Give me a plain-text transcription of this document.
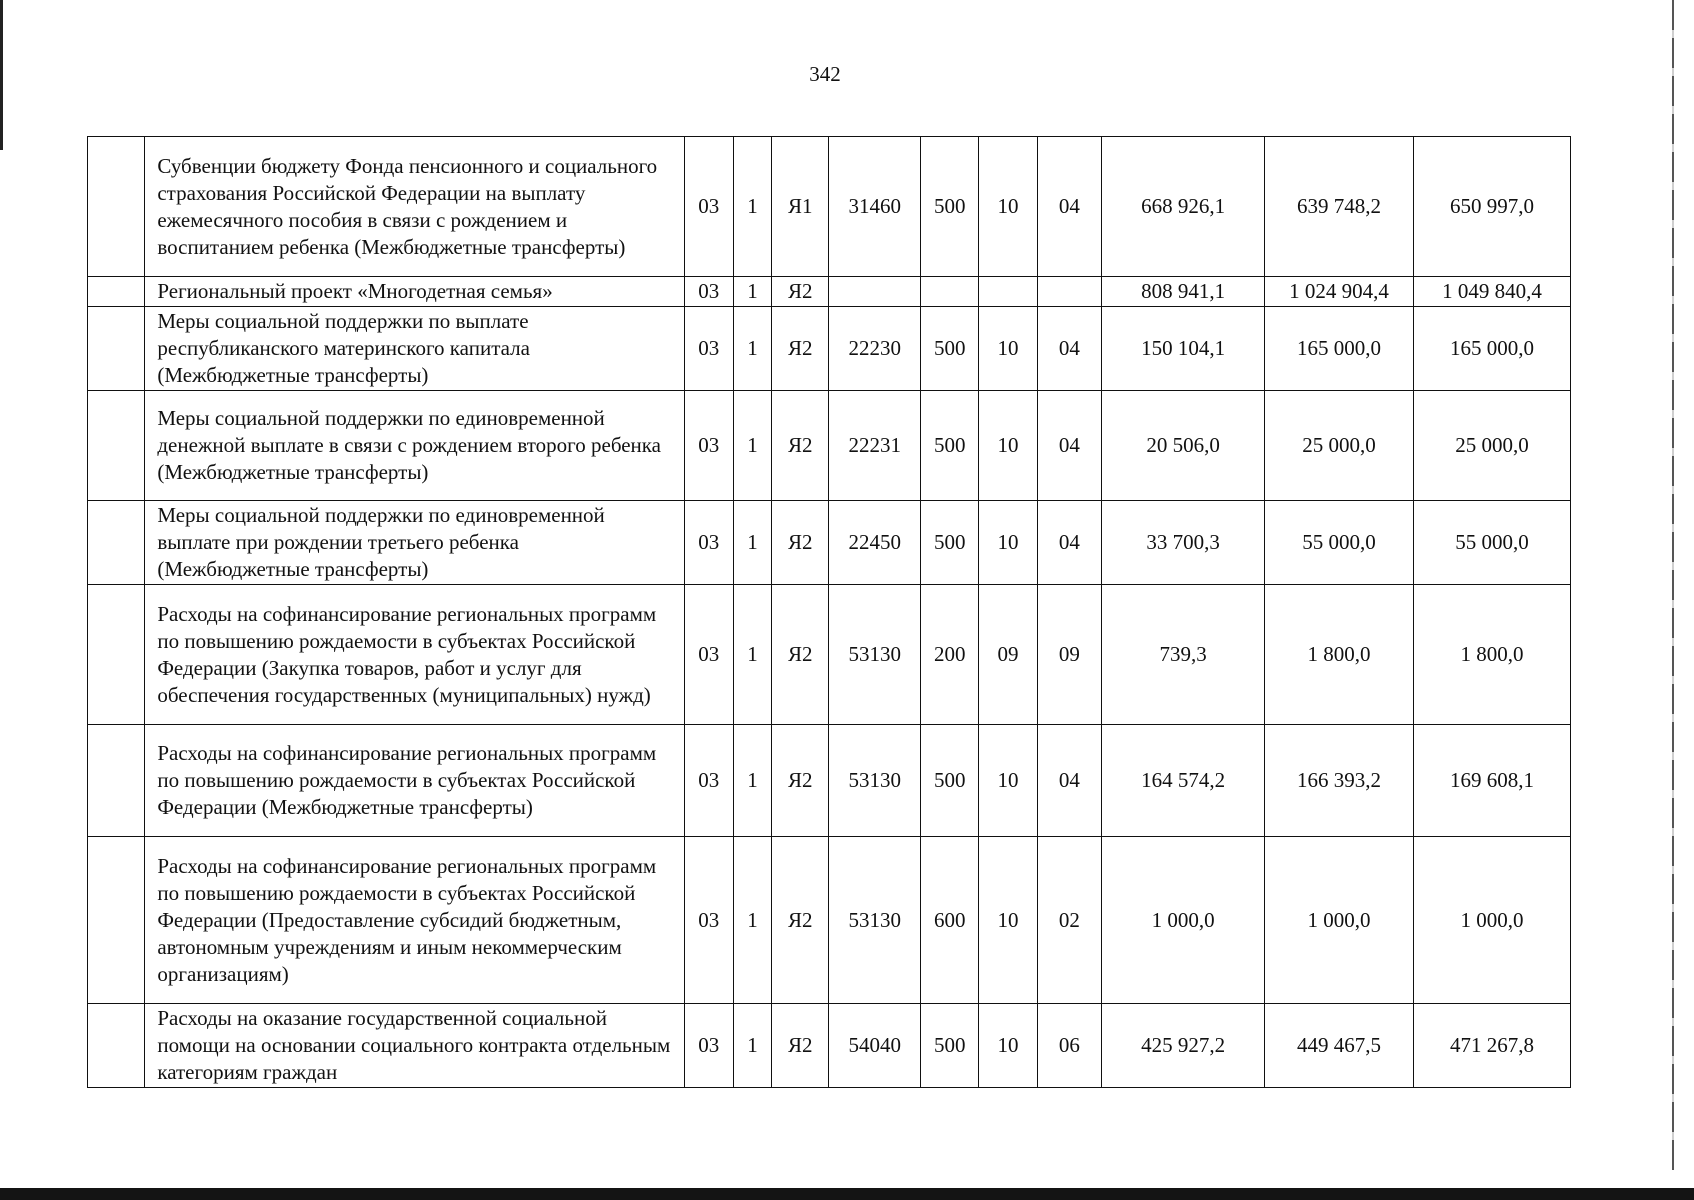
342
	Субвенции бюджету Фонда пенсионного и социального страхования Российской Федерации на выплату ежемесячного пособия в связи с рождением и воспитанием ребенка (Межбюджетные трансферты)	03	1	Я1	31460	500	10	04	668 926,1	639 748,2	650 997,0
	Региональный проект «Многодетная семья»	03	1	Я2					808 941,1	1 024 904,4	1 049 840,4
	Меры социальной поддержки по выплате республиканского материнского капитала (Межбюджетные трансферты)	03	1	Я2	22230	500	10	04	150 104,1	165 000,0	165 000,0
	Меры социальной поддержки по единовременной денежной выплате в связи с рождением второго ребенка (Межбюджетные трансферты)	03	1	Я2	22231	500	10	04	20 506,0	25 000,0	25 000,0
	Меры социальной поддержки по единовременной выплате при рождении третьего ребенка (Межбюджетные трансферты)	03	1	Я2	22450	500	10	04	33 700,3	55 000,0	55 000,0
	Расходы на софинансирование региональных программ по повышению рождаемости в субъектах Российской Федерации (Закупка товаров, работ и услуг для обеспечения государственных (муниципальных) нужд)	03	1	Я2	53130	200	09	09	739,3	1 800,0	1 800,0
	Расходы на софинансирование региональных программ по повышению рождаемости в субъектах Российской Федерации (Межбюджетные трансферты)	03	1	Я2	53130	500	10	04	164 574,2	166 393,2	169 608,1
	Расходы на софинансирование региональных программ по повышению рождаемости в субъектах Российской Федерации (Предоставление субсидий бюджетным, автономным учреждениям и иным некоммерческим организациям)	03	1	Я2	53130	600	10	02	1 000,0	1 000,0	1 000,0
	Расходы на оказание государственной социальной помощи на основании социального контракта отдельным категориям граждан	03	1	Я2	54040	500	10	06	425 927,2	449 467,5	471 267,8
